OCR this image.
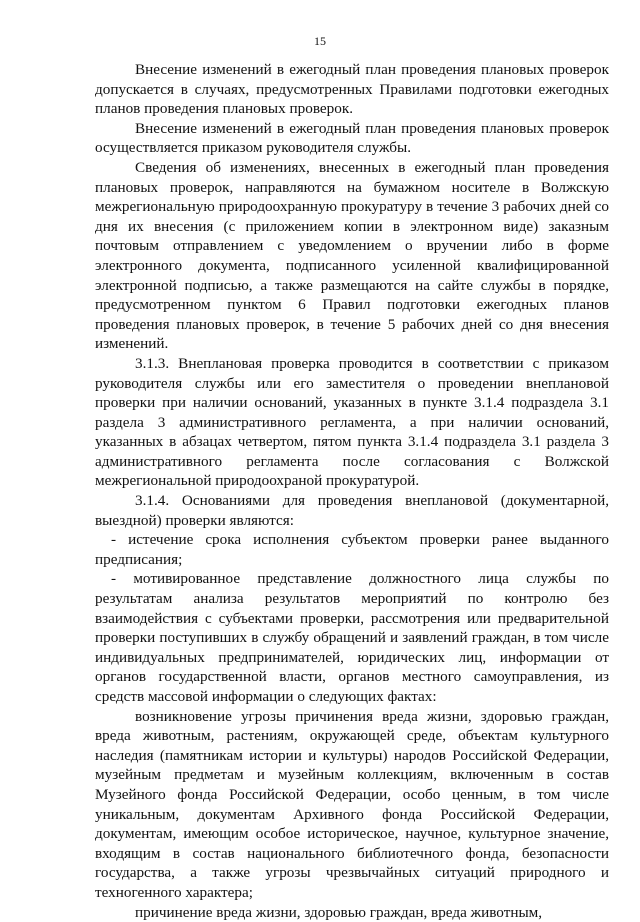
15

Внесение изменений в ежегодный план проведения плановых проверок допускается в случаях, предусмотренных Правилами подготовки ежегодных планов проведения плановых проверок.

Внесение изменений в ежегодный план проведения плановых проверок осуществляется приказом руководителя службы.

Сведения об изменениях, внесенных в ежегодный план проведения плановых проверок, направляются на бумажном носителе в Волжскую межрегиональную природоохранную прокуратуру в течение 3 рабочих дней со дня их внесения (с приложением копии в электронном виде) заказным почтовым отправлением с уведомлением о вручении либо в форме электронного документа, подписанного усиленной квалифицированной электронной подписью, а также размещаются на сайте службы в порядке, предусмотренном пунктом 6 Правил подготовки ежегодных планов проведения плановых проверок, в течение 5 рабочих дней со дня внесения изменений.

3.1.3. Внеплановая проверка проводится в соответствии с приказом руководителя службы или его заместителя о проведении внеплановой проверки при наличии оснований, указанных в пункте 3.1.4 подраздела 3.1 раздела 3 административного регламента, а при наличии оснований, указанных в абзацах четвертом, пятом пункта 3.1.4 подраздела 3.1 раздела 3 административного регламента после согласования с Волжской межрегиональной природоохраной прокуратурой.

3.1.4. Основаниями для проведения внеплановой (документарной, выездной) проверки являются:

- истечение срока исполнения субъектом проверки ранее выданного предписания;

- мотивированное представление должностного лица службы по результатам анализа результатов мероприятий по контролю без взаимодействия с субъектами проверки, рассмотрения или предварительной проверки поступивших в службу обращений и заявлений граждан, в том числе индивидуальных предпринимателей, юридических лиц, информации от органов государственной власти, органов местного самоуправления, из средств массовой информации о следующих фактах:

возникновение угрозы причинения вреда жизни, здоровью граждан, вреда животным, растениям, окружающей среде, объектам культурного наследия (памятникам истории и культуры) народов Российской Федерации, музейным предметам и музейным коллекциям, включенным в состав Музейного фонда Российской Федерации, особо ценным, в том числе уникальным, документам Архивного фонда Российской Федерации, документам, имеющим особое историческое, научное, культурное значение, входящим в состав национального библиотечного фонда, безопасности государства, а также угрозы чрезвычайных ситуаций природного и техногенного характера;

причинение вреда жизни, здоровью граждан, вреда животным,
